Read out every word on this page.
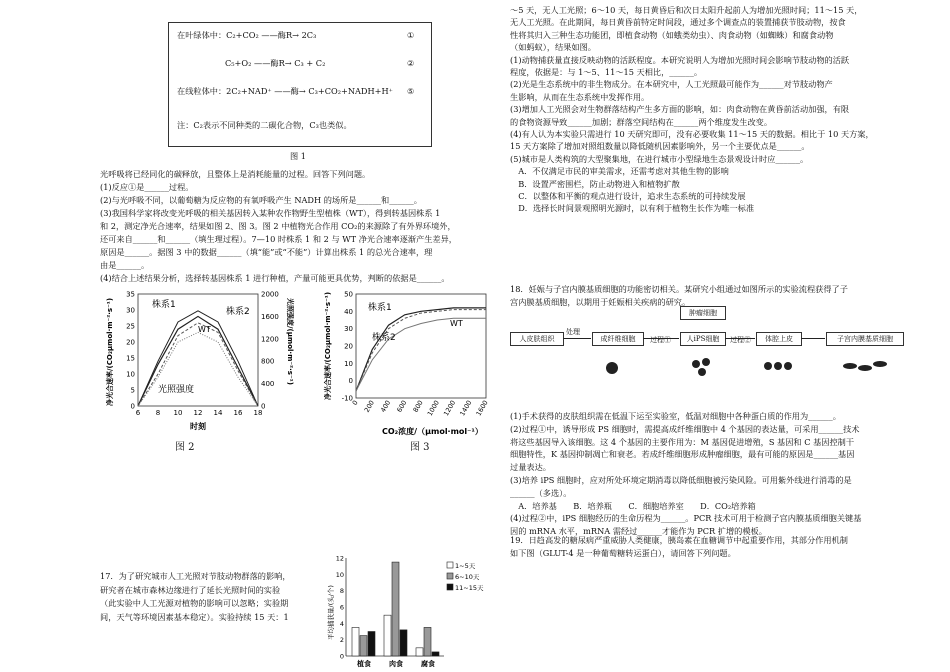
在叶绿体中：C₂+CO₂ ——酶R→ 2C₃	①
C₅+O₂ ——酶R→ C₃ + C₂	②
在线粒体中：2C₂+NAD⁺ ——酶→ C₃+CO₂+NADH+H⁺ ⑤
注：C₂表示不同种类的二碳化合物，C₃也类似。
图 1
光呼吸将已经同化的碳释放，且整体上是消耗能量的过程。回答下列问题。
(1)反应①是______过程。
(2)与光呼吸不同，以葡萄糖为反应物的有氧呼吸产生 NADH 的场所是______和______。
(3)我国科学家将改变光呼吸的相关基因转入某种农作物野生型植株（WT），得到转基因株系 1
和 2，测定净光合速率，结果如图 2、图 3。图 2 中植物光合作用 CO₂的来源除了有外界环境外，
还可来自______和______（填生理过程）。7—10 时株系 1 和 2 与 WT 净光合速率逐渐产生差异，
原因是______。据图 3 中的数据______（填“能”或“不能”）计算出株系 1 的总光合速率，理
由是______。
(4)结合上述结果分析，选择转基因株系 1 进行种植，产量可能更具优势，判断的依据是______。
6 8 10 12 14 16 18
0
5
10
15
20
25
30
35
0
400
800
1200
1600
2000
株系1
株系2
WT
光照强度
时刻
净光合速率/(CO₂μmol·m⁻²·s⁻¹)	光照强度/(μmol·m⁻²·s⁻¹)
图 2
0 200 400 600 800 1000 1200 1400 1600
-10
0
10
20
30
40
50
株系1
株系2
WT
CO₂浓度/（μmol·mol⁻¹）
净光合速率/(CO₂μmol·m⁻²·s⁻¹)
图 3
17．为了研究城市人工光照对节肢动物群落的影响，
研究者在城市森林边缘进行了延长光照时间的实验
（此实验中人工光源对植物的影响可以忽略；实验期
间，天气等环境因素基本稳定）。实验持续 15 天：1
0
2
4
6
8
10
12
植食	肉食	腐食
1~5天
6~10天
11~15天
平均捕获量/(头/个)
～5 天，无人工光照；6～10 天，每日黄昏后和次日太阳升起前人为增加光照时间；11～15 天，
无人工光照。在此期间，每日黄昏前特定时间段，通过多个调查点的装置捕获节肢动物，按食
性将其归入三种生态功能团，即植食动物（如蛾类幼虫）、肉食动物（如蜘蛛）和腐食动物
（如蚂蚁），结果如图。
(1)动物捕获量直接反映动物的活跃程度。本研究说明人为增加光照时间会影响节肢动物的活跃
程度，依据是：与 1～5、11～15 天相比，______。
(2)光是生态系统中的非生物成分。在本研究中，人工光照最可能作为______对节肢动物产
生影响，从而在生态系统中发挥作用。
(3)增加人工光照会对生物群落结构产生多方面的影响，如：肉食动物在黄昏前活动加强，有限
的食物资源导致______加剧；群落空间结构在______两个维度发生改变。
(4)有人认为本实验只需进行 10 天研究即可，没有必要收集 11～15 天的数据。相比于 10 天方案，
15 天方案除了增加对照组数量以降低随机因素影响外，另一个主要优点是______。
(5)城市是人类构筑的大型聚集地，在进行城市小型绿地生态景观设计时应______。
　A．不仅满足市民的审美需求，还需考虑对其他生物的影响
　B．设置严密围栏，防止动物进入和植物扩散
　C．以整体和平衡的观点进行设计，追求生态系统的可持续发展
　D．选择长时间景观照明光源时，以有利于植物生长作为唯一标准
18．妊娠与子宫内膜基质细胞的功能密切相关。某研究小组通过如图所示的实验流程获得了子
宫内膜基质细胞，以期用于妊娠相关疾病的研究。
人皮肤组织
处理
成纤维细胞	过程①	人iPS细胞
肿瘤细胞
过程②	体腔上皮	子宫内膜基质细胞
(1)手术获得的皮肤组织需在低温下运至实验室，低温对细胞中各种蛋白质的作用为______。
(2)过程①中，诱导形成 PS 细胞时，需提高成纤维细胞中 4 个基因的表达量，可采用______技术
将这些基因导入该细胞。这 4 个基因的主要作用为：M 基因促进增殖，S 基因和 C 基因控制干
细胞特性，K 基因抑制凋亡和衰老。若成纤维细胞形成肿瘤细胞，最有可能的原因是______基因
过量表达。
(3)培养 iPS 细胞时，应对所处环境定期消毒以降低细胞被污染风险。可用紫外线进行消毒的是
______（多选）。
　A．培养基　　B．培养瓶　　C．细胞培养室　　D．CO₂培养箱
(4)过程②中，iPS 细胞经历的生命历程为______。PCR 技术可用于检测子宫内膜基质细胞关键基
因的 mRNA 水平，mRNA 需经过______才能作为 PCR 扩增的模板。
19．日趋高发的糖尿病严重威胁人类健康，胰岛素在血糖调节中起重要作用，其部分作用机制
如下图（GLUT-4 是一种葡萄糖转运蛋白），请回答下列问题。
